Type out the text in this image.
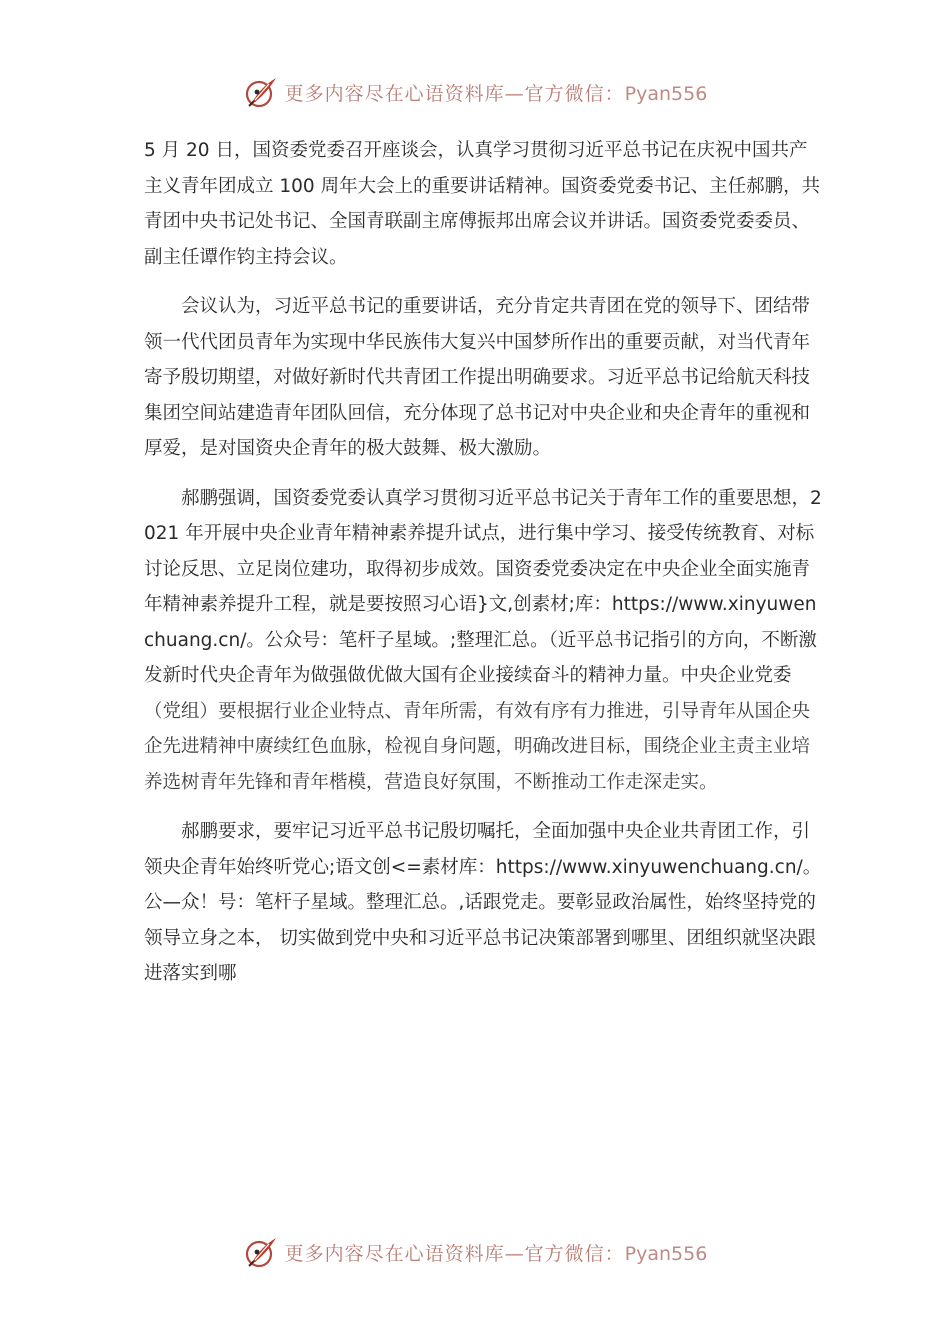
更多内容尽在心语资料库—官方微信：Pyan556

5 月 20 日，国资委党委召开座谈会，认真学习贯彻习近平总书记在庆祝中国共产主义青年团成立 100 周年大会上的重要讲话精神。国资委党委书记、主任郝鹏，共青团中央书记处书记、全国青联副主席傅振邦出席会议并讲话。国资委党委委员、副主任谭作钧主持会议。

会议认为，习近平总书记的重要讲话，充分肯定共青团在党的领导下、团结带领一代代团员青年为实现中华民族伟大复兴中国梦所作出的重要贡献，对当代青年寄予殷切期望，对做好新时代共青团工作提出明确要求。习近平总书记给航天科技集团空间站建造青年团队回信，充分体现了总书记对中央企业和央企青年的重视和厚爱，是对国资央企青年的极大鼓舞、极大激励。

郝鹏强调，国资委党委认真学习贯彻习近平总书记关于青年工作的重要思想，2021 年开展中央企业青年精神素养提升试点，进行集中学习、接受传统教育、对标讨论反思、立足岗位建功，取得初步成效。国资委党委决定在中央企业全面实施青年精神素养提升工程，就是要按照习心语}文,创素材;库：https://www.xinyuwenchuang.cn/。公众号：笔杆子星域。;整理汇总。（近平总书记指引的方向，不断激发新时代央企青年为做强做优做大国有企业接续奋斗的精神力量。中央企业党委

（党组）要根据行业企业特点、青年所需，有效有序有力推进，引导青年从国企央企先进精神中赓续红色血脉，检视自身问题，明确改进目标，围绕企业主责主业培养选树青年先锋和青年楷模，营造良好氛围，不断推动工作走深走实。

郝鹏要求，要牢记习近平总书记殷切嘱托，全面加强中央企业共青团工作，引领央企青年始终听党心;语文创<=素材库：https://www.xinyuwenchuang.cn/。公—众！号：笔杆子星域。整理汇总。,话跟党走。要彰显政治属性，始终坚持党的领导立身之本， 切实做到党中央和习近平总书记决策部署到哪里、团组织就坚决跟进落实到哪

更多内容尽在心语资料库—官方微信：Pyan556
